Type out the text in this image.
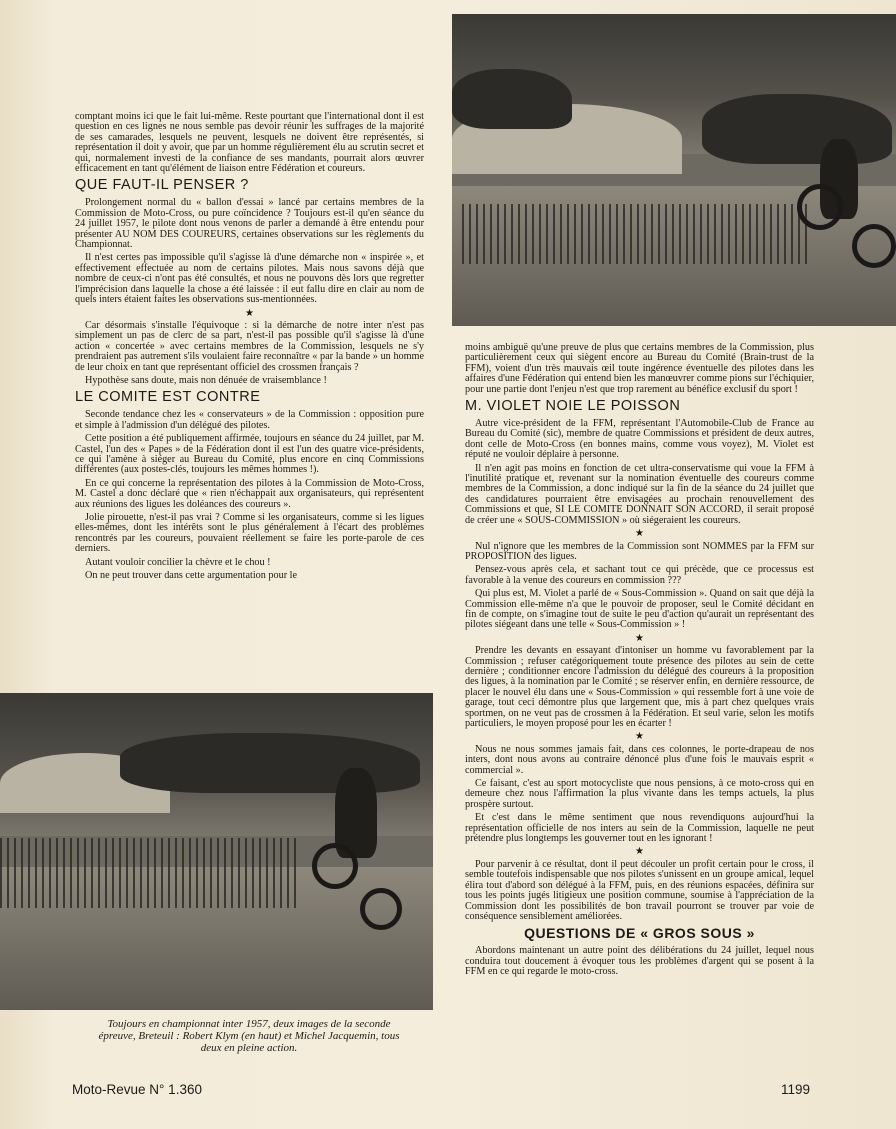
comptant moins ici que le fait lui-même. Reste pourtant que l'international dont il est question en ces lignes ne nous semble pas devoir réunir les suffrages de la majorité de ses camarades, lesquels ne peuvent, lesquels ne doivent être représentés, si représentation il doit y avoir, que par un homme régulièrement élu au scrutin secret et qui, normalement investi de la confiance de ses mandants, pourrait alors œuvrer efficacement en tant qu'élément de liaison entre Fédération et coureurs.

QUE FAUT-IL PENSER ?

Prolongement normal du « ballon d'essai » lancé par certains membres de la Commission de Moto-Cross, ou pure coïncidence ? Toujours est-il qu'en séance du 24 juillet 1957, le pilote dont nous venons de parler a demandé à être entendu pour présenter AU NOM DES COUREURS, certaines observations sur les règlements du Championnat.

Il n'est certes pas impossible qu'il s'agisse là d'une démarche non « inspirée », et effectivement effectuée au nom de certains pilotes. Mais nous savons déjà que nombre de ceux-ci n'ont pas été consultés, et nous ne pouvons dès lors que regretter l'imprécision dans laquelle la chose a été laissée : il eut fallu dire en clair au nom de quels inters étaient faites les observations sus-mentionnées.

★

Car désormais s'installe l'équivoque : si la démarche de notre inter n'est pas simplement un pas de clerc de sa part, n'est-il pas possible qu'il s'agisse là d'une action « concertée » avec certains membres de la Commission, lesquels ne s'y prendraient pas autrement s'ils voulaient faire reconnaître « par la bande » un homme de leur choix en tant que représentant officiel des crossmen français ?

Hypothèse sans doute, mais non dénuée de vraisemblance !

LE COMITE EST CONTRE

Seconde tendance chez les « conservateurs » de la Commission : opposition pure et simple à l'admission d'un délégué des pilotes.

Cette position a été publiquement affirmée, toujours en séance du 24 juillet, par M. Castel, l'un des « Papes » de la Fédération dont il est l'un des quatre vice-présidents, ce qui l'amène à siéger au Bureau du Comité, plus encore en cinq Commissions différentes (aux postes-clés, toujours les mêmes hommes !).

En ce qui concerne la représentation des pilotes à la Commission de Moto-Cross, M. Castel a donc déclaré que « rien n'échappait aux organisateurs, qui représentent aux réunions des ligues les doléances des coureurs ».

Jolie pirouette, n'est-il pas vrai ? Comme si les organisateurs, comme si les ligues elles-mêmes, dont les intérêts sont le plus généralement à l'écart des problèmes rencontrés par les coureurs, pouvaient réellement se faire les porte-parole de ces derniers.

Autant vouloir concilier la chèvre et le chou !

On ne peut trouver dans cette argumentation pour le

moins ambiguë qu'une preuve de plus que certains membres de la Commission, plus particulièrement ceux qui siègent encore au Bureau du Comité (Brain-trust de la FFM), voient d'un très mauvais œil toute ingérence éventuelle des pilotes dans les affaires d'une Fédération qui entend bien les manœuvrer comme pions sur l'échiquier, pour une partie dont l'enjeu n'est que trop rarement au bénéfice exclusif du sport !

M. VIOLET NOIE LE POISSON

Autre vice-président de la FFM, représentant l'Automobile-Club de France au Bureau du Comité (sic), membre de quatre Commissions et président de deux autres, dont celle de Moto-Cross (en bonnes mains, comme vous voyez), M. Violet est réputé ne vouloir déplaire à personne.

Il n'en agit pas moins en fonction de cet ultra-conservatisme qui voue la FFM à l'inutilité pratique et, revenant sur la nomination éventuelle des coureurs comme membres de la Commission, a donc indiqué sur la fin de la séance du 24 juillet que des candidatures pourraient être envisagées au prochain renouvellement des Commissions et que, SI LE COMITE DONNAIT SON ACCORD, il serait proposé de créer une « SOUS-COMMISSION » où siégeraient les coureurs.

★

Nul n'ignore que les membres de la Commission sont NOMMES par la FFM sur PROPOSITION des ligues.

Pensez-vous après cela, et sachant tout ce qui précède, que ce processus est favorable à la venue des coureurs en commission ???

Qui plus est, M. Violet a parlé de « Sous-Commission ». Quand on sait que déjà la Commission elle-même n'a que le pouvoir de proposer, seul le Comité décidant en fin de compte, on s'imagine tout de suite le peu d'action qu'aurait un représentant des pilotes siégeant dans une telle « Sous-Commission » !

★

Prendre les devants en essayant d'intoniser un homme vu favorablement par la Commission ; refuser catégoriquement toute présence des pilotes au sein de cette dernière ; conditionner encore l'admission du délégué des coureurs à la proposition des ligues, à la nomination par le Comité ; se réserver enfin, en dernière ressource, de placer le nouvel élu dans une « Sous-Commission » qui ressemble fort à une voie de garage, tout ceci démontre plus que largement que, mis à part chez quelques vrais sportmen, on ne veut pas de crossmen à la Fédération. Et seul varie, selon les motifs particuliers, le moyen proposé pour les en écarter !

★

Nous ne nous sommes jamais fait, dans ces colonnes, le porte-drapeau de nos inters, dont nous avons au contraire dénoncé plus d'une fois le mauvais esprit « commercial ».

Ce faisant, c'est au sport motocycliste que nous pensions, à ce moto-cross qui en demeure chez nous l'affirmation la plus vivante dans les temps actuels, la plus prospère surtout.

Et c'est dans le même sentiment que nous revendiquons aujourd'hui la représentation officielle de nos inters au sein de la Commission, laquelle ne peut prétendre plus longtemps les gouverner tout en les ignorant !

★

Pour parvenir à ce résultat, dont il peut découler un profit certain pour le cross, il semble toutefois indispensable que nos pilotes s'unissent en un groupe amical, lequel élira tout d'abord son délégué à la FFM, puis, en des réunions espacées, définira sur tous les points jugés litigieux une position commune, soumise à l'appréciation de la Commission dont les possibilités de bon travail pourront se trouver par voie de conséquence sensiblement améliorées.

QUESTIONS DE « GROS SOUS »

Abordons maintenant un autre point des délibérations du 24 juillet, lequel nous conduira tout doucement à évoquer tous les problèmes d'argent qui se posent à la FFM en ce qui regarde le moto-cross.

Toujours en championnat inter 1957, deux images de la seconde épreuve, Breteuil : Robert Klym (en haut) et Michel Jacquemin, tous deux en pleine action.
Moto-Revue N° 1.360	1199
